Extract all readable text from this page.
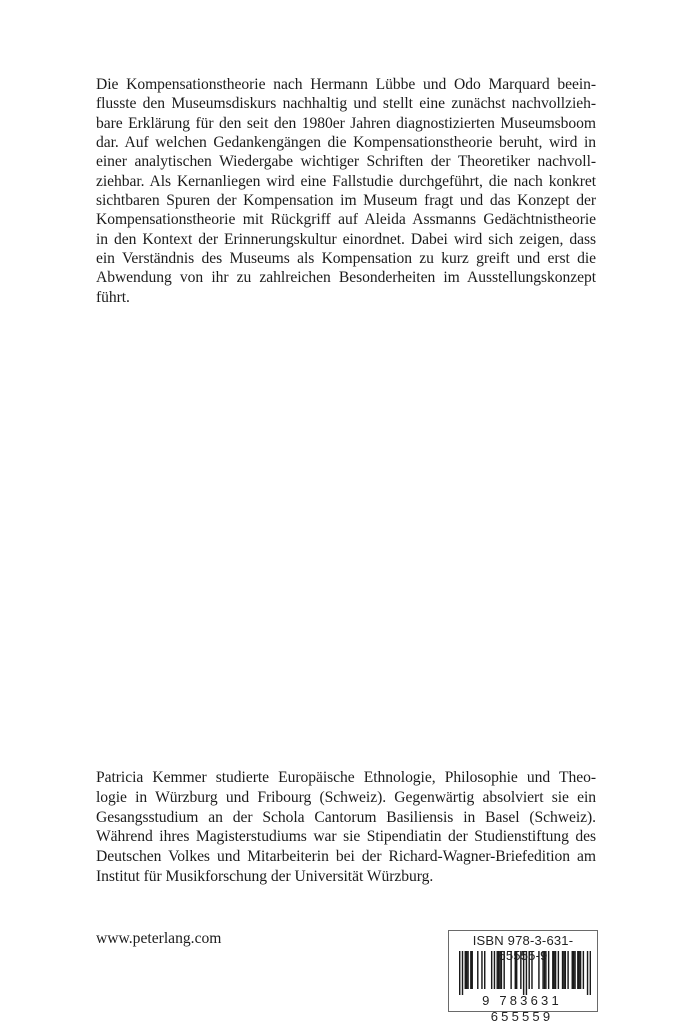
Die Kompensationstheorie nach Hermann Lübbe und Odo Marquard beein-
flusste den Museumsdiskurs nachhaltig und stellt eine zunächst nachvollzieh-
bare Erklärung für den seit den 1980er Jahren diagnostizierten Museumsboom
dar. Auf welchen Gedankengängen die Kompensationstheorie beruht, wird in
einer analytischen Wiedergabe wichtiger Schriften der Theoretiker nachvoll-
ziehbar. Als Kernanliegen wird eine Fallstudie durchgeführt, die nach konkret
sichtbaren Spuren der Kompensation im Museum fragt und das Konzept der
Kompensationstheorie mit Rückgriff auf Aleida Assmanns Gedächtnistheorie
in den Kontext der Erinnerungskultur einordnet. Dabei wird sich zeigen, dass
ein Verständnis des Museums als Kompensation zu kurz greift und erst die
Abwendung von ihr zu zahlreichen Besonderheiten im Ausstellungskonzept
führt.
Patricia Kemmer studierte Europäische Ethnologie, Philosophie und Theo-
logie in Würzburg und Fribourg (Schweiz). Gegenwärtig absolviert sie ein
Gesangsstudium an der Schola Cantorum Basiliensis in Basel (Schweiz).
Während ihres Magisterstudiums war sie Stipendiatin der Studienstiftung des
Deutschen Volkes und Mitarbeiterin bei der Richard-Wagner-Briefedition am
Institut für Musikforschung der Universität Würzburg.
www.peterlang.com	ISBN 978-3-631-65555-9
9 783631 655559
